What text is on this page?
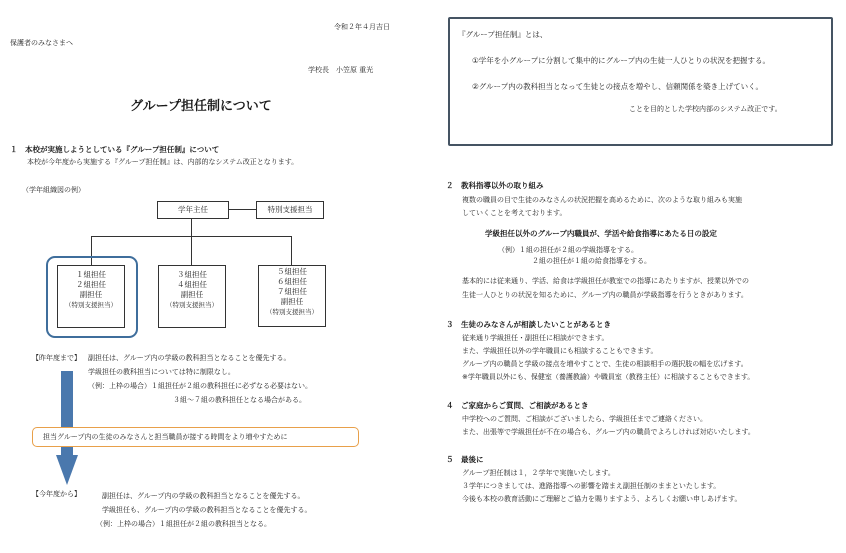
令和２年４月吉日
保護者のみなさまへ
学校長　小笠原 重光
グループ担任制について
１　本校が実施しようとしている『グループ担任制』について
本校が今年度から実施する『グループ担任制』は、内部的なシステム改正となります。
（学年組織図の例）
学年主任	特別支援担当
１組担任
２組担任
副担任
（特別支援担当）
３組担任
４組担任
副担任
（特別支援担当）
５組担任
６組担任
７組担任
副担任
（特別支援担当）
【昨年度まで】 副担任は、グループ内の学級の教科担当となることを優先する。
学級担任の教科担当については特に制限なし。
（例：上枠の場合）１組担任が２組の教科担任に必ずなる必要はない。
３組～７組の教科担任となる場合がある。
担当グループ内の生徒のみなさんと担当職員が接する時間をより増やすために
【今年度から】	副担任は、グループ内の学級の教科担当となることを優先する。
学級担任も、グループ内の学級の教科担当となることを優先する。
（例：上枠の場合）１組担任が２組の教科担当となる。
『グループ担任制』とは、
①学年を小グループに分割して集中的にグループ内の生徒一人ひとりの状況を把握する。
②グループ内の教科担当となって生徒との接点を増やし、信頼関係を築き上げていく。
ことを目的とした学校内部のシステム改正です。
２　教科指導以外の取り組み
複数の職員の目で生徒のみなさんの状況把握を高めるために、次のような取り組みも実施
していくことを考えております。
学級担任以外のグループ内職員が、学活や給食指導にあたる日の設定
（例）１組の担任が２組の学級指導をする。
２組の担任が１組の給食指導をする。
基本的には従来通り、学活、給食は学級担任が教室での指導にあたりますが、授業以外での
生徒一人ひとりの状況を知るために、グループ内の職員が学級指導を行うときがあります。
３　生徒のみなさんが相談したいことがあるとき
従来通り学級担任・副担任に相談ができます。
また、学級担任以外の学年職員にも相談することもできます。
グループ内の職員と学級の接点を増やすことで、生徒の相談相手の選択肢の幅を広げます。
※学年職員以外にも、保健室（養護教諭）や職員室（教務主任）に相談することもできます。
４　ご家庭からご質問、ご相談があるとき
中学校へのご質問、ご相談がございましたら、学級担任までご連絡ください。
また、出張等で学級担任が不在の場合も、グループ内の職員でよろしければ対応いたします。
５　最後に
グループ担任制は１，２学年で実施いたします。
３学年につきましては、進路指導への影響を踏まえ副担任制のままといたします。
今後も本校の教育活動にご理解とご協力を賜りますよう、よろしくお願い申しあげます。
